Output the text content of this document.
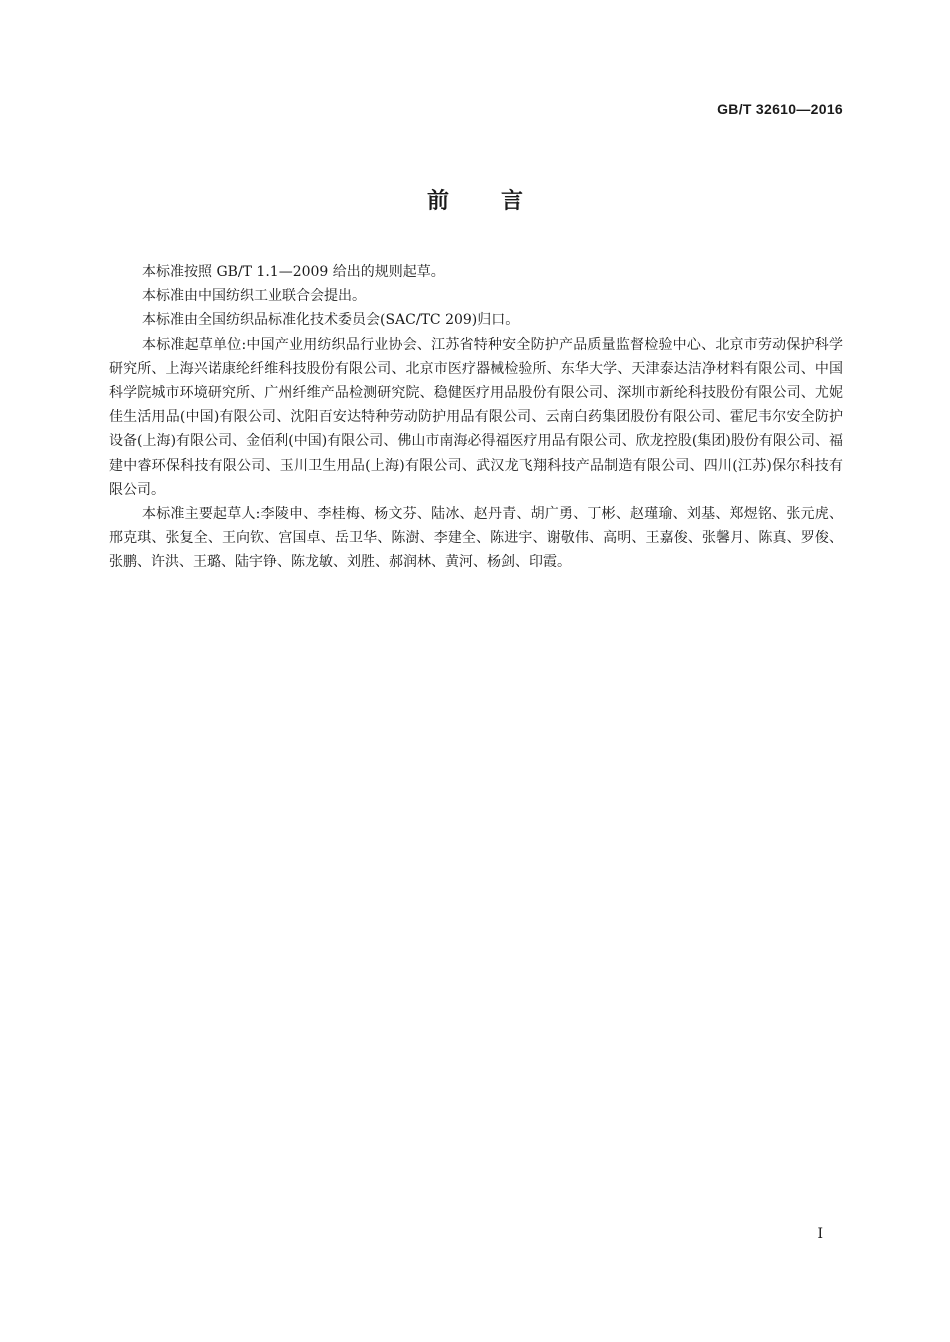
GB/T 32610—2016
前言

本标准按照 GB/T 1.1—2009 给出的规则起草。

本标准由中国纺织工业联合会提出。

本标准由全国纺织品标准化技术委员会(SAC/TC 209)归口。

本标准起草单位:中国产业用纺织品行业协会、江苏省特种安全防护产品质量监督检验中心、北京市劳动保护科学研究所、上海兴诺康纶纤维科技股份有限公司、北京市医疗器械检验所、东华大学、天津泰达洁净材料有限公司、中国科学院城市环境研究所、广州纤维产品检测研究院、稳健医疗用品股份有限公司、深圳市新纶科技股份有限公司、尤妮佳生活用品(中国)有限公司、沈阳百安达特种劳动防护用品有限公司、云南白药集团股份有限公司、霍尼韦尔安全防护设备(上海)有限公司、金佰利(中国)有限公司、佛山市南海必得福医疗用品有限公司、欣龙控股(集团)股份有限公司、福建中睿环保科技有限公司、玉川卫生用品(上海)有限公司、武汉龙飞翔科技产品制造有限公司、四川(江苏)保尔科技有限公司。

本标准主要起草人:李陵申、李桂梅、杨文芬、陆冰、赵丹青、胡广勇、丁彬、赵瑾瑜、刘基、郑煜铭、张元虎、邢克琪、张复全、王向钦、宫国卓、岳卫华、陈澍、李建全、陈进宇、谢敬伟、高明、王嘉俊、张馨月、陈真、罗俊、张鹏、许洪、王璐、陆宇铮、陈龙敏、刘胜、郝润林、黄河、杨剑、印霞。

I
